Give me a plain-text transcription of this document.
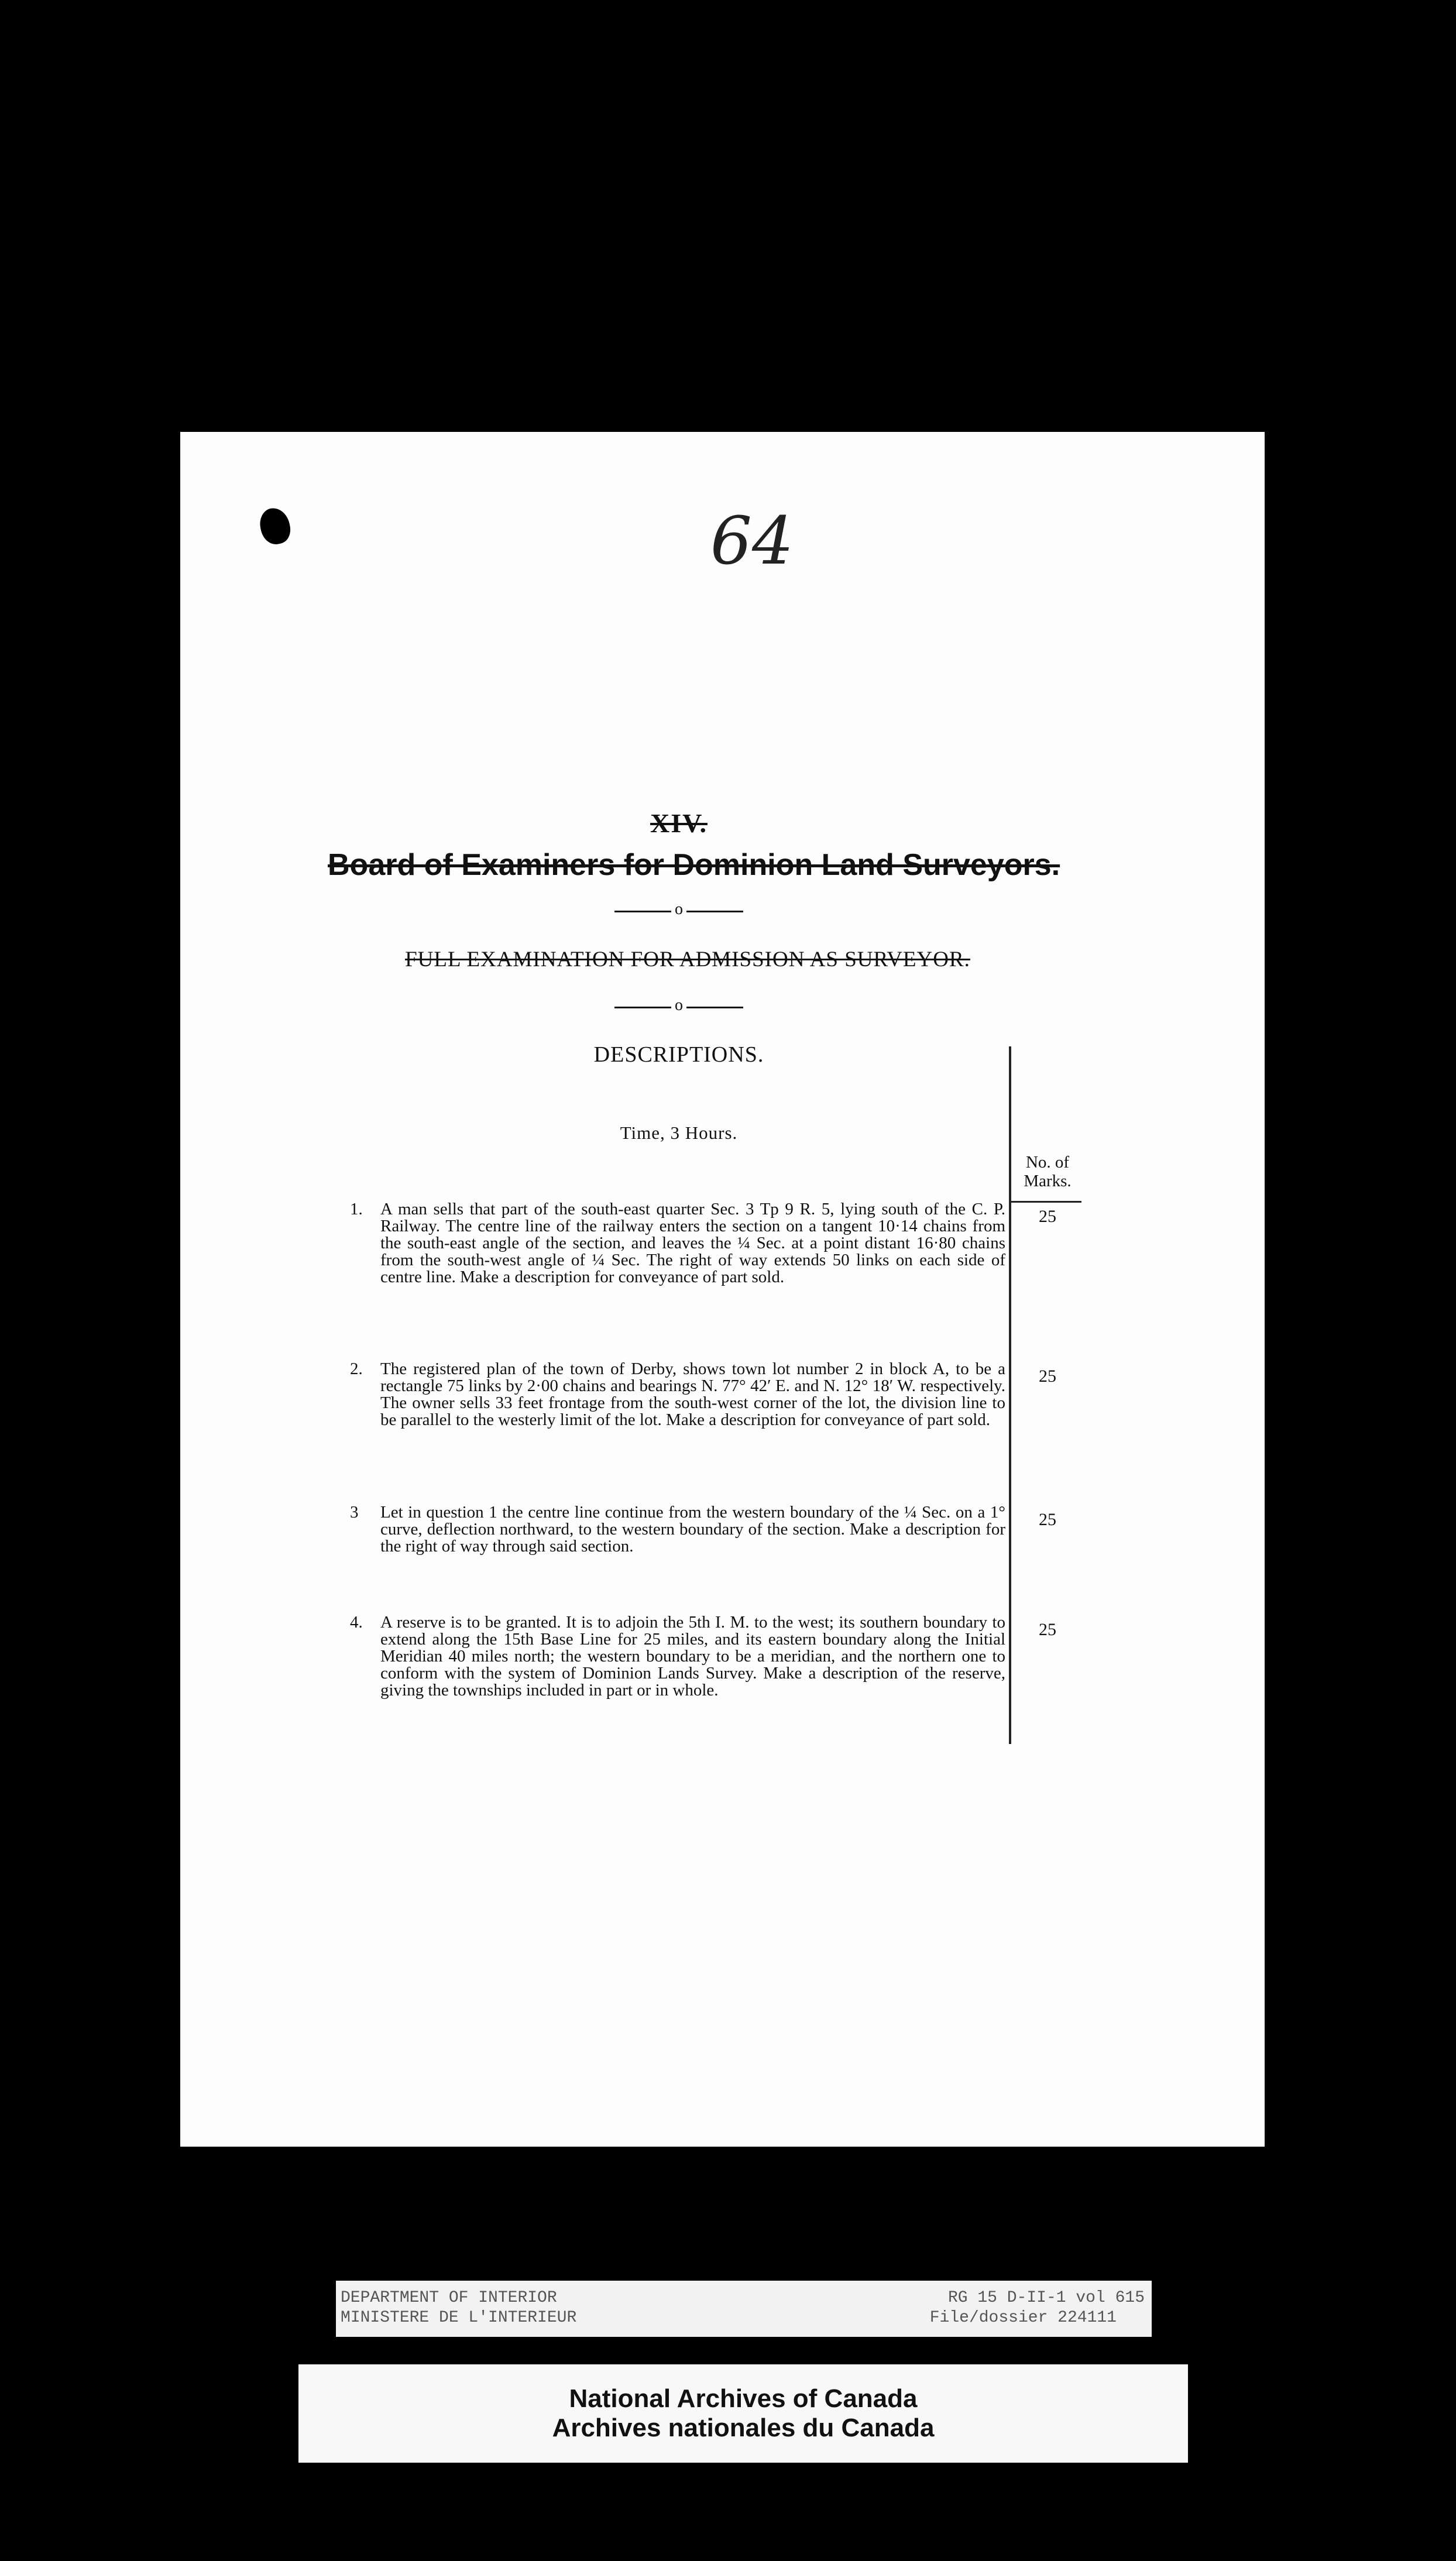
64
XIV.
Board of Examiners for Dominion Land Surveyors.
o
FULL EXAMINATION FOR ADMISSION AS SURVEYOR.
o
DESCRIPTIONS.
Time, 3 Hours.
No. of
Marks.
1.	A man sells that part of the south-east quarter Sec. 3 Tp 9 R. 5, lying south of the C. P. Railway. The centre line of the railway enters the section on a tangent 10·14 chains from the south-east angle of the section, and leaves the ¼ Sec. at a point distant 16·80 chains from the south-west angle of ¼ Sec. The right of way extends 50 links on each side of centre line. Make a description for conveyance of part sold.
25
2.	The registered plan of the town of Derby, shows town lot number 2 in block A, to be a rectangle 75 links by 2·00 chains and bearings N. 77° 42′ E. and N. 12° 18′ W. respectively. The owner sells 33 feet frontage from the south-west corner of the lot, the division line to be parallel to the westerly limit of the lot. Make a description for conveyance of part sold.
25
3	Let in question 1 the centre line continue from the western boundary of the ¼ Sec. on a 1° curve, deflection northward, to the western boundary of the section. Make a description for the right of way through said section.
25
4.	A reserve is to be granted. It is to adjoin the 5th I. M. to the west; its southern boundary to extend along the 15th Base Line for 25 miles, and its eastern boundary along the Initial Meridian 40 miles north; the western boundary to be a meridian, and the northern one to conform with the system of Dominion Lands Survey. Make a description of the reserve, giving the townships included in part or in whole.
25
DEPARTMENT OF INTERIOR
MINISTERE DE L'INTERIEUR
RG 15 D-II-1 vol 615
File/dossier 224111
National Archives of Canada
Archives nationales du Canada
